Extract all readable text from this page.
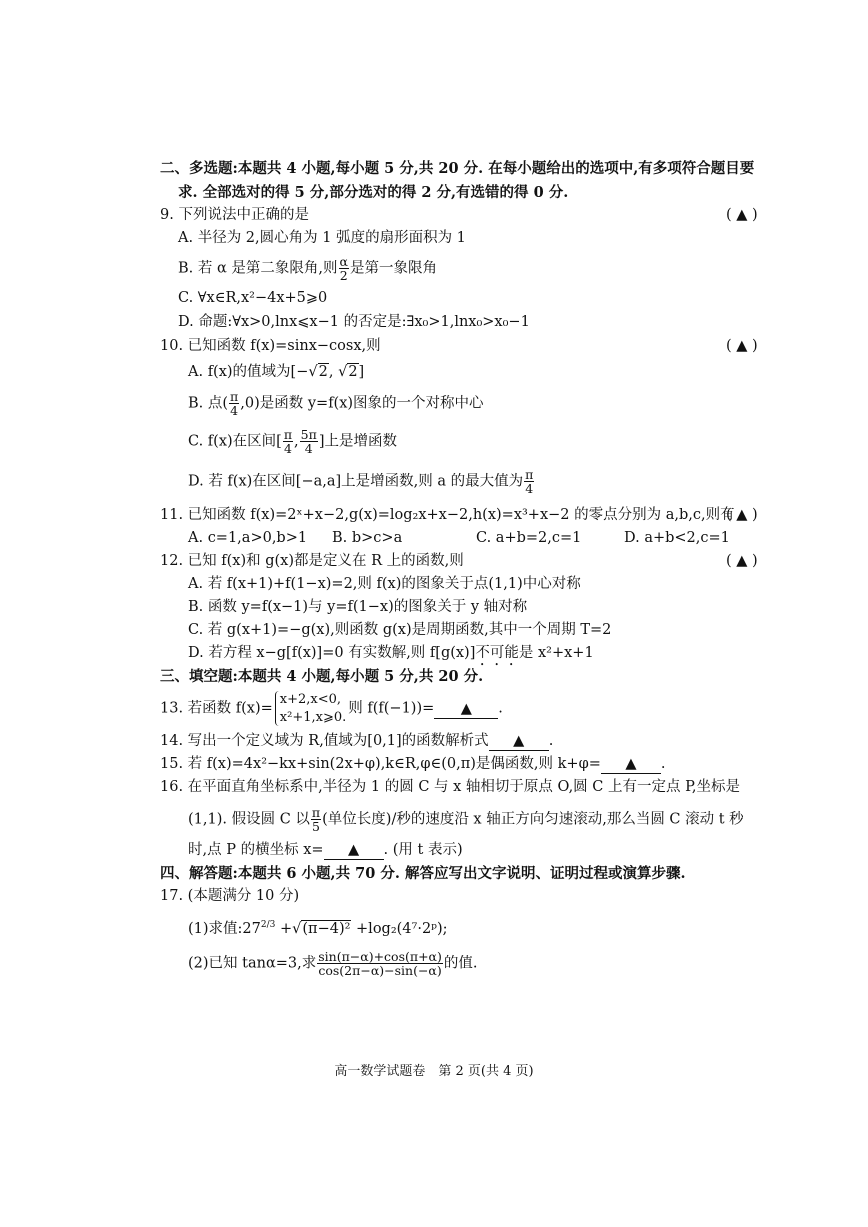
二、多选题:本题共 4 小题,每小题 5 分,共 20 分. 在每小题给出的选项中,有多项符合题目要
求. 全部选对的得 5 分,部分选对的得 2 分,有选错的得 0 分.
9. 下列说法中正确的是	( ▲ )
A. 半径为 2,圆心角为 1 弧度的扇形面积为 1
B. 若 α 是第二象限角,则 $\frac{\alpha}{2}$ 是第一象限角
C. ∀x∈R,x²−4x+5⩾0
D. 命题:∀x>0,lnx⩽x−1 的否定是:∃x₀>1,lnx₀>x₀−1
10. 已知函数 f(x)=sinx−cosx,则	( ▲ )
A. f(x)的值域为[−√2, √2]
B. 点( $\frac{\pi}{4} ,0$)是函数 y=f(x)图象的一个对称中心
C. f(x)在区间[ $\frac{\pi}{4}$ , $\frac{5\pi}{4}$ ]上是增函数
D. 若 f(x)在区间[−a,a]上是增函数,则 a 的最大值为 $\frac{\pi}{4}$
11. 已知函数 f(x)=2ˣ+x−2,g(x)=log₂x+x−2,h(x)=x³+x−2 的零点分别为 a,b,c,则有
( ▲ )
A. c=1,a>0,b>1 B. b>c>a	C. a+b=2,c=1	D. a+b<2,c=1
12. 已知 f(x)和 g(x)都是定义在 R 上的函数,则	( ▲ )
A. 若 f(x+1)+f(1−x)=2,则 f(x)的图象关于点(1,1)中心对称
B. 函数 y=f(x−1)与 y=f(1−x)的图象关于 y 轴对称
C. 若 g(x+1)=−g(x),则函数 g(x)是周期函数,其中一个周期 T=2
D. 若方程 x−g[f(x)]=0 有实数解,则 f[g(x)]不可能是 x²+x+1
三、填空题:本题共 4 小题,每小题 5 分,共 20 分.
13. 若函数 f(x)=
x+2,x<0,
x²+1,x⩾0.
则 f(f(−1))= ▲ .
14. 写出一个定义域为 R,值域为[0,1]的函数解析式 ▲ .
15. 若 f(x)=4x²−kx+sin(2x+φ),k∈R,φ∈(0,π)是偶函数,则 k+φ= ▲ .
16. 在平面直角坐标系中,半径为 1 的圆 C 与 x 轴相切于原点 O,圆 C 上有一定点 P,坐标是
(1,1). 假设圆 C 以 $\frac{\pi}{5}$ (单位长度)/秒的速度沿 x 轴正方向匀速滚动,那么当圆 C 滚动 t 秒
时,点 P 的横坐标 x= ▲ . (用 t 表示)
四、解答题:本题共 6 小题,共 70 分. 解答应写出文字说明、证明过程或演算步骤.
17. (本题满分 10 分)
(1)求值$:27^{2/3} +√(\pi-4)^2$ +log₂(4⁷·2ᵖ);
(2)已知 tanα=3,求 $\frac{\sin(\pi-\alpha)+\cos(\pi+\alpha)}{\cos(2\pi-\alpha)-\sin(-\alpha)}$ 的值.
高一数学试题卷　第 2 页(共 4 页)
